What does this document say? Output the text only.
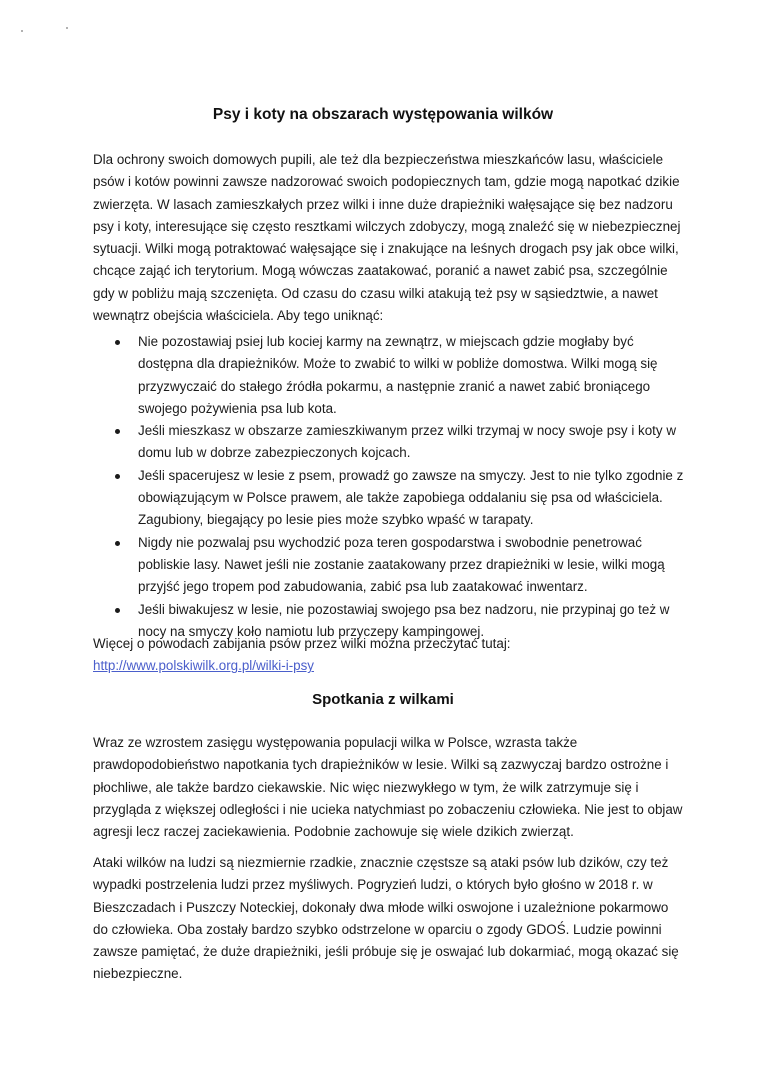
Psy i koty na obszarach występowania wilków

Dla ochrony swoich domowych pupili, ale też dla bezpieczeństwa mieszkańców lasu, właściciele
psów i kotów powinni zawsze nadzorować swoich podopiecznych tam, gdzie mogą napotkać dzikie
zwierzęta. W lasach zamieszkałych przez wilki i inne duże drapieżniki wałęsające się bez nadzoru
psy i koty, interesujące się często resztkami wilczych zdobyczy, mogą znaleźć się w niebezpiecznej
sytuacji. Wilki mogą potraktować wałęsające się i znakujące na leśnych drogach psy jak obce wilki,
chcące zająć ich terytorium. Mogą wówczas zaatakować, poranić a nawet zabić psa, szczególnie
gdy w pobliżu mają szczenięta. Od czasu do czasu wilki atakują też psy w sąsiedztwie, a nawet
wewnątrz obejścia właściciela. Aby tego uniknąć:

Nie pozostawiaj psiej lub kociej karmy na zewnątrz, w miejscach gdzie mogłaby być
dostępna dla drapieżników. Może to zwabić to wilki w pobliże domostwa. Wilki mogą się
przyzwyczaić do stałego źródła pokarmu, a następnie zranić a nawet zabić broniącego
swojego pożywienia psa lub kota.
Jeśli mieszkasz w obszarze zamieszkiwanym przez wilki trzymaj w nocy swoje psy i koty w
domu lub w dobrze zabezpieczonych kojcach.
Jeśli spacerujesz w lesie z psem, prowadź go zawsze na smyczy. Jest to nie tylko zgodnie z
obowiązującym w Polsce prawem, ale także zapobiega oddalaniu się psa od właściciela.
Zagubiony, biegający po lesie pies może szybko wpaść w tarapaty.
Nigdy nie pozwalaj psu wychodzić poza teren gospodarstwa i swobodnie penetrować
pobliskie lasy. Nawet jeśli nie zostanie zaatakowany przez drapieżniki w lesie, wilki mogą
przyjść jego tropem pod zabudowania, zabić psa lub zaatakować inwentarz.
Jeśli biwakujesz w lesie, nie pozostawiaj swojego psa bez nadzoru, nie przypinaj go też w
nocy na smyczy koło namiotu lub przyczepy kampingowej.

Więcej o powodach zabijania psów przez wilki można przeczytać tutaj:
http://www.polskiwilk.org.pl/wilki-i-psy

Spotkania z wilkami

Wraz ze wzrostem zasięgu występowania populacji wilka w Polsce, wzrasta także
prawdopodobieństwo napotkania tych drapieżników w lesie. Wilki są zazwyczaj bardzo ostrożne i
płochliwe, ale także bardzo ciekawskie. Nic więc niezwykłego w tym, że wilk zatrzymuje się i
przygląda z większej odległości i nie ucieka natychmiast po zobaczeniu człowieka. Nie jest to objaw
agresji lecz raczej zaciekawienia. Podobnie zachowuje się wiele dzikich zwierząt.

Ataki wilków na ludzi są niezmiernie rzadkie, znacznie częstsze są ataki psów lub dzików, czy też
wypadki postrzelenia ludzi przez myśliwych. Pogryzień ludzi, o których było głośno w 2018 r. w
Bieszczadach i Puszczy Noteckiej, dokonały dwa młode wilki oswojone i uzależnione pokarmowo
do człowieka. Oba zostały bardzo szybko odstrzelone w oparciu o zgody GDOŚ. Ludzie powinni
zawsze pamiętać, że duże drapieżniki, jeśli próbuje się je oswajać lub dokarmiać, mogą okazać się
niebezpieczne.
